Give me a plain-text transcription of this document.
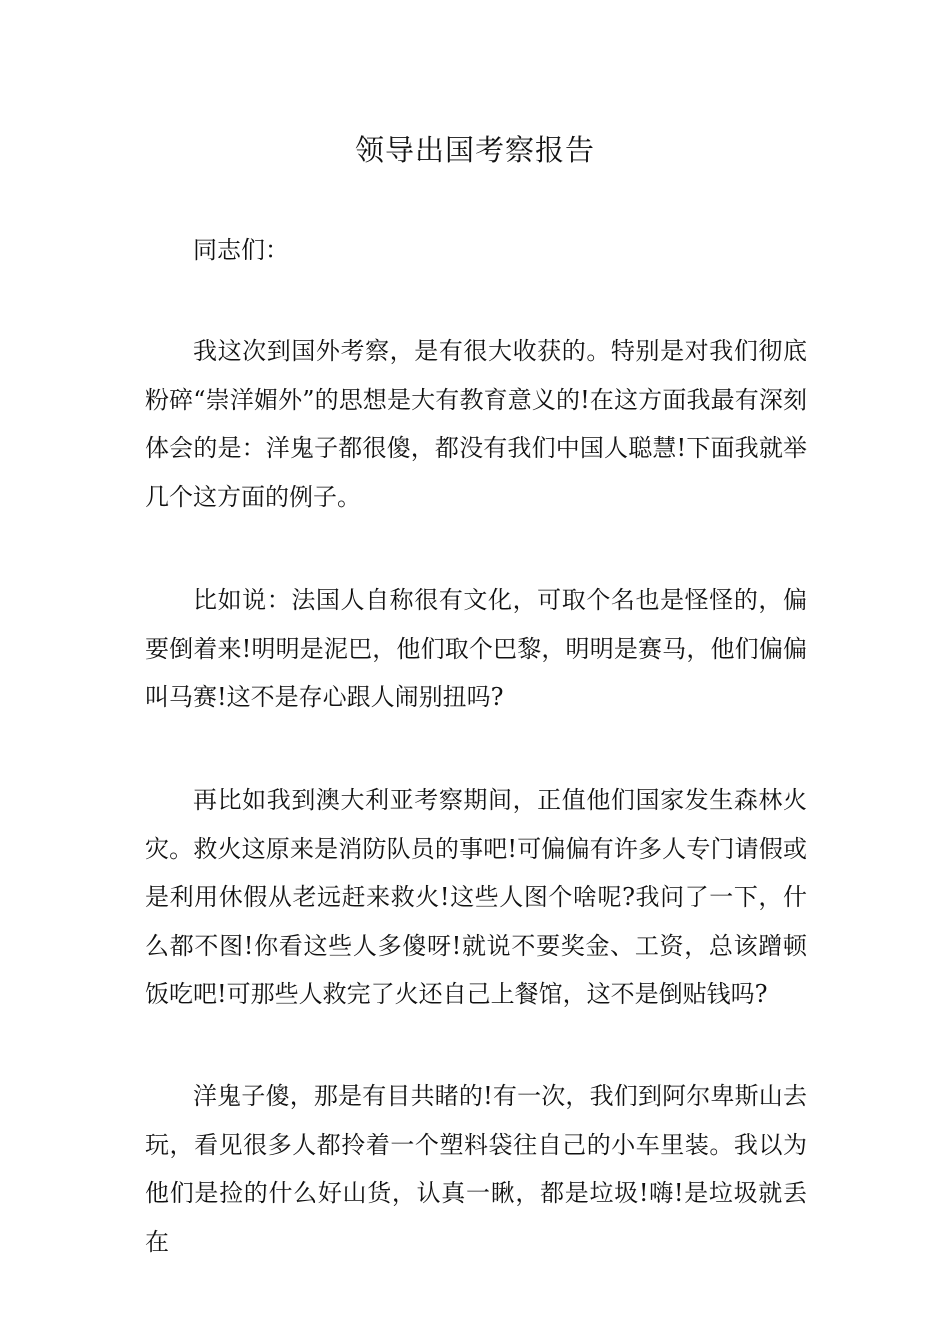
领导出国考察报告

同志们：

我这次到国外考察，是有很大收获的。特别是对我们彻底粉碎“崇洋媚外”的思想是大有教育意义的!在这方面我最有深刻体会的是：洋鬼子都很傻，都没有我们中国人聪慧!下面我就举几个这方面的例子。

比如说：法国人自称很有文化，可取个名也是怪怪的，偏要倒着来!明明是泥巴，他们取个巴黎，明明是赛马，他们偏偏叫马赛!这不是存心跟人闹别扭吗?

再比如我到澳大利亚考察期间，正值他们国家发生森林火灾。救火这原来是消防队员的事吧!可偏偏有许多人专门请假或是利用休假从老远赶来救火!这些人图个啥呢?我问了一下，什么都不图!你看这些人多傻呀!就说不要奖金、工资，总该蹭顿饭吃吧!可那些人救完了火还自己上餐馆，这不是倒贴钱吗?

洋鬼子傻，那是有目共睹的!有一次，我们到阿尔卑斯山去玩，看见很多人都拎着一个塑料袋往自己的小车里装。我以为他们是捡的什么好山货，认真一瞅，都是垃圾!嗨!是垃圾就丢在
